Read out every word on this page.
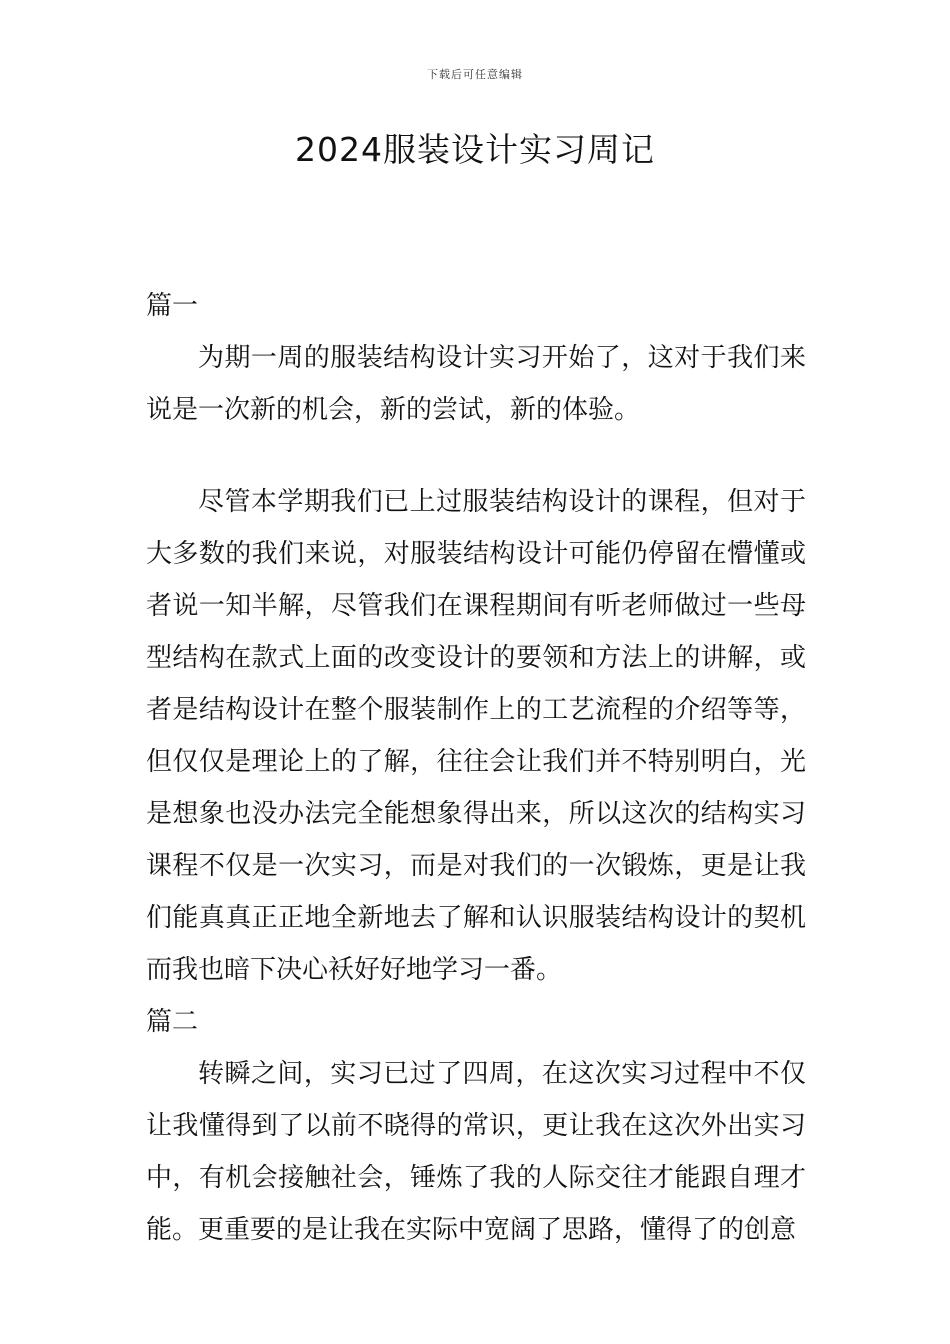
下载后可任意编辑
2024服装设计实习周记
篇一

为期一周的服装结构设计实习开始了，这对于我们来说是一次新的机会，新的尝试，新的体验。

尽管本学期我们已上过服装结构设计的课程，但对于大多数的我们来说，对服装结构设计可能仍停留在懵懂或者说一知半解，尽管我们在课程期间有听老师做过一些母型结构在款式上面的改变设计的要领和方法上的讲解，或者是结构设计在整个服装制作上的工艺流程的介绍等等，但仅仅是理论上的了解，往往会让我们并不特别明白，光是想象也没办法完全能想象得出来，所以这次的结构实习课程不仅是一次实习，而是对我们的一次锻炼，更是让我们能真真正正地全新地去了解和认识服装结构设计的契机而我也暗下决心袄好好地学习一番。

篇二

转瞬之间，实习已过了四周，在这次实习过程中不仅让我懂得到了以前不晓得的常识，更让我在这次外出实习中，有机会接触社会，锤炼了我的人际交往才能跟自理才能。更重要的是让我在实际中宽阔了思路，懂得了的创意
